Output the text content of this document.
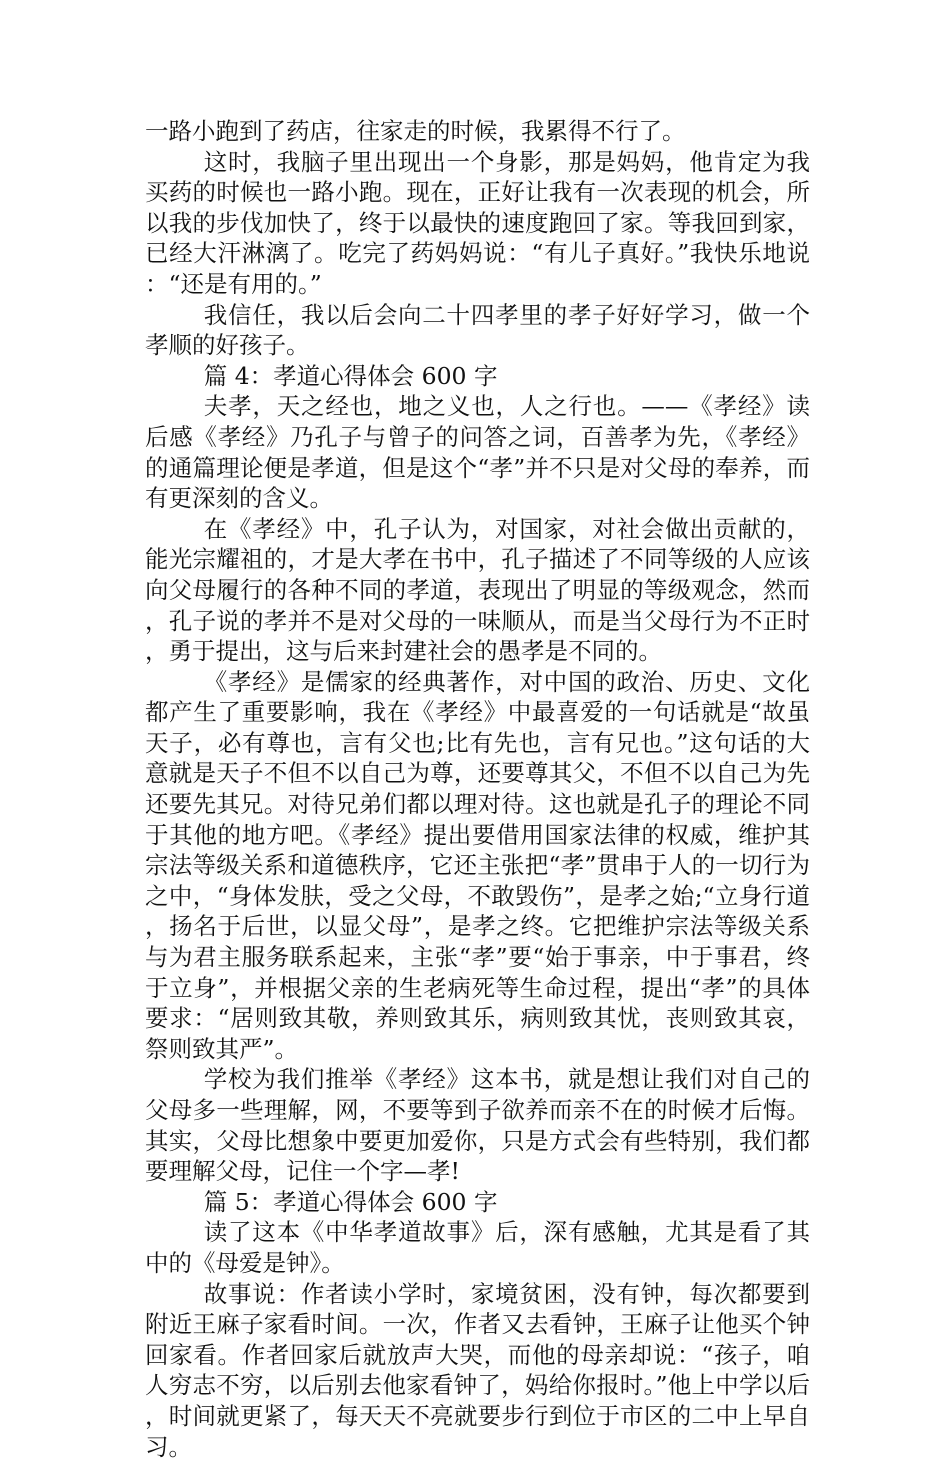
一路小跑到了药店，往家走的时候，我累得不行了。

这时，我脑子里出现出一个身影，那是妈妈，他肯定为我买药的时候也一路小跑。现在，正好让我有一次表现的机会，所以我的步伐加快了，终于以最快的速度跑回了家。等我回到家，已经大汗淋漓了。吃完了药妈妈说：“有儿子真好。”我快乐地说：“还是有用的。”

我信任，我以后会向二十四孝里的孝子好好学习，做一个孝顺的好孩子。

篇 4：孝道心得体会 600 字

夫孝，天之经也，地之义也，人之行也。——《孝经》读后感《孝经》乃孔子与曾子的问答之词，百善孝为先，《孝经》的通篇理论便是孝道，但是这个“孝”并不只是对父母的奉养，而有更深刻的含义。

在《孝经》中，孔子认为，对国家，对社会做出贡献的，能光宗耀祖的，才是大孝在书中，孔子描述了不同等级的人应该向父母履行的各种不同的孝道，表现出了明显的等级观念，然而，孔子说的孝并不是对父母的一味顺从，而是当父母行为不正时，勇于提出，这与后来封建社会的愚孝是不同的。

《孝经》是儒家的经典著作，对中国的政治、历史、文化都产生了重要影响，我在《孝经》中最喜爱的一句话就是“故虽天子，必有尊也，言有父也;比有先也，言有兄也。”这句话的大意就是天子不但不以自己为尊，还要尊其父，不但不以自己为先还要先其兄。对待兄弟们都以理对待。这也就是孔子的理论不同于其他的地方吧。《孝经》提出要借用国家法律的权威，维护其宗法等级关系和道德秩序，它还主张把“孝”贯串于人的一切行为之中，“身体发肤，受之父母，不敢毁伤”，是孝之始;“立身行道，扬名于后世，以显父母”，是孝之终。它把维护宗法等级关系与为君主服务联系起来，主张“孝”要“始于事亲，中于事君，终于立身”，并根据父亲的生老病死等生命过程，提出“孝”的具体要求：“居则致其敬，养则致其乐，病则致其忧，丧则致其哀，祭则致其严”。

学校为我们推举《孝经》这本书，就是想让我们对自己的父母多一些理解，网，不要等到子欲养而亲不在的时候才后悔。其实，父母比想象中要更加爱你，只是方式会有些特别，我们都要理解父母，记住一个字—孝!

篇 5：孝道心得体会 600 字

读了这本《中华孝道故事》后，深有感触，尤其是看了其中的《母爱是钟》。

故事说：作者读小学时，家境贫困，没有钟，每次都要到附近王麻子家看时间。一次，作者又去看钟，王麻子让他买个钟回家看。作者回家后就放声大哭，而他的母亲却说：“孩子，咱人穷志不穷，以后别去他家看钟了，妈给你报时。”他上中学以后，时间就更紧了，每天天不亮就要步行到位于市区的二中上早自习。
